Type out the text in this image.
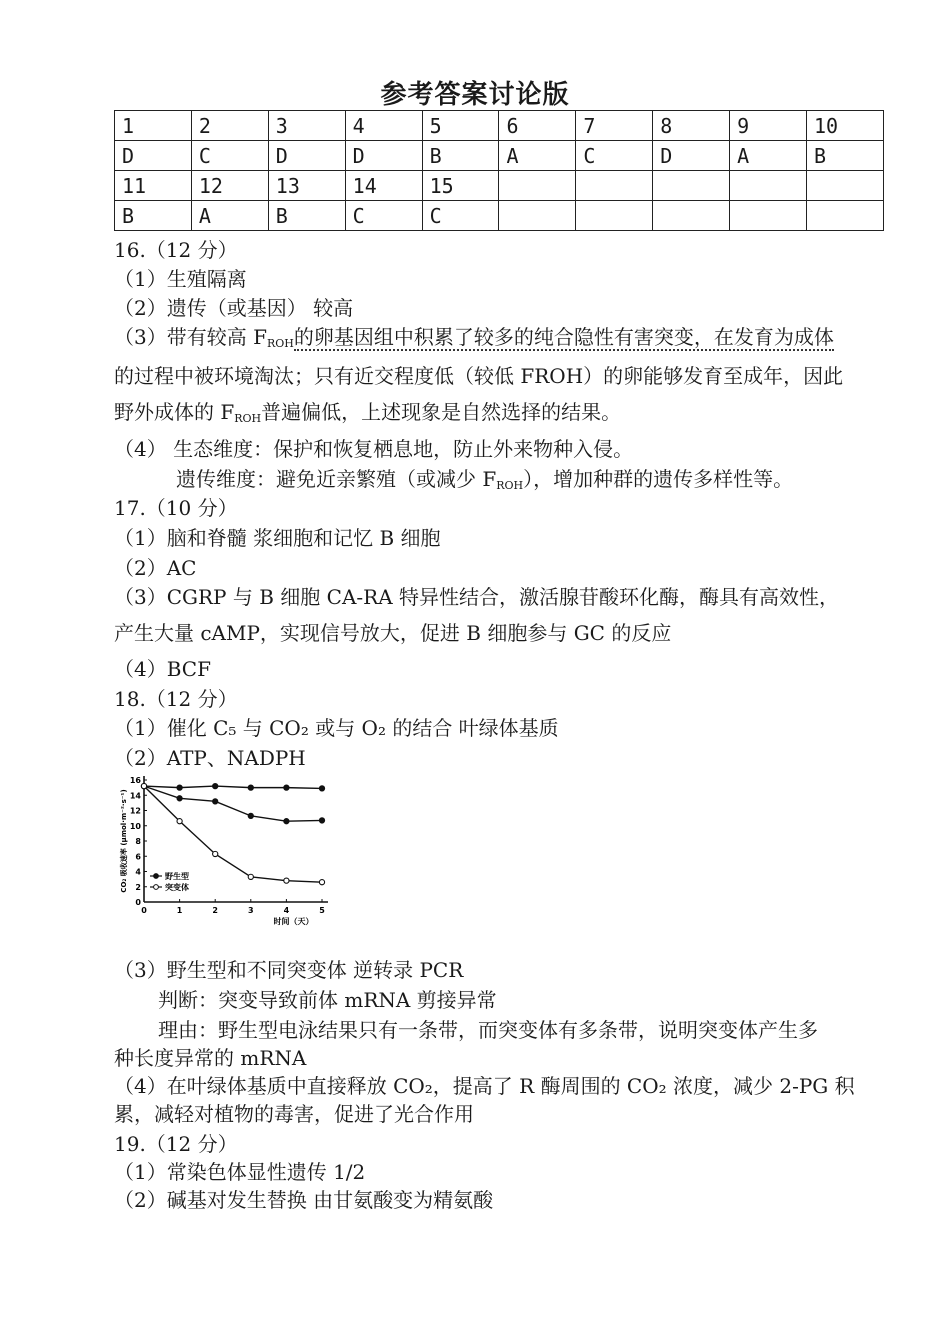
参考答案讨论版
1	2	3	4	5	6	7	8	9	10
D	C	D	D	B	A	C	D	A	B
11	12	13	14	15					
B	A	B	C	C					
16.（12 分）
（1）生殖隔离
（2）遗传（或基因） 较高
（3）带有较高 $F_{ROH}$的卵基因组中积累了较多的纯合隐性有害突变，在发育为成体
的过程中被环境淘汰；只有近交程度低（较低 FROH）的卵能够发育至成年，因此
野外成体的 $F_{ROH}$普遍偏低，上述现象是自然选择的结果。
（4） 生态维度：保护和恢复栖息地，防止外来物种入侵。
遗传维度：避免近亲繁殖（或减少 $F_{ROH}$），增加种群的遗传多样性等。
17.（10 分）
（1）脑和脊髓 浆细胞和记忆 B 细胞
（2）AC
（3）CGRP 与 B 细胞 CA-RA 特异性结合，激活腺苷酸环化酶，酶具有高效性，
产生大量 cAMP，实现信号放大，促进 B 细胞参与 GC 的反应
（4）BCF
18.（12 分）
（1）催化 C₅ 与 CO₂ 或与 O₂ 的结合 叶绿体基质
（2）ATP、NADPH
0
2
4
6
8
10
12
14
16
0	1	2	3	4	5
时间（天）
CO₂ 吸收速率 (μmol·m⁻²·s⁻¹)	野生型
突变体
（3）野生型和不同突变体 逆转录 PCR
判断：突变导致前体 mRNA 剪接异常
理由：野生型电泳结果只有一条带，而突变体有多条带，说明突变体产生多
种长度异常的 mRNA
（4）在叶绿体基质中直接释放 CO₂，提高了 R 酶周围的 CO₂ 浓度，减少 2-PG 积
累，减轻对植物的毒害，促进了光合作用
19.（12 分）
（1）常染色体显性遗传 1/2
（2）碱基对发生替换 由甘氨酸变为精氨酸
